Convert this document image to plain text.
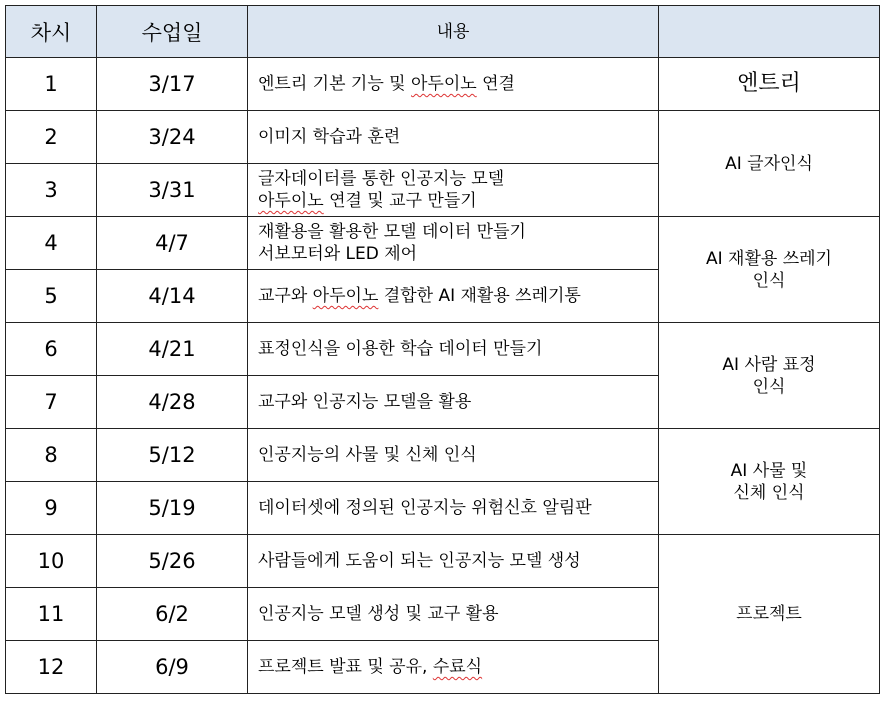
차시	수업일	내용	
1	3/17	엔트리 기본 기능 및 아두이노 연결	엔트리

2	3/24	이미지 학습과 훈련	AI 글자인식

3	3/31	글자데이터를 통한 인공지능 모델
아두이노 연결 및 교구 만들기	

4	4/7	재활용을 활용한 모델 데이터 만들기
서보모터와 LED 제어	AI 재활용 쓰레기
인식

5	4/14	교구와 아두이노 결합한 AI 재활용 쓰레기통	

6	4/21	표정인식을 이용한 학습 데이터 만들기	AI 사람 표정
인식

7	4/28	교구와 인공지능 모델을 활용	

8	5/12	인공지능의 사물 및 신체 인식	AI 사물 및
신체 인식

9	5/19	데이터셋에 정의된 인공지능 위험신호 알림판	

10	5/26	사람들에게 도움이 되는 인공지능 모델 생성	프로젝트

11	6/2	인공지능 모델 생성 및 교구 활용	

12	6/9	프로젝트 발표 및 공유, 수료식	
